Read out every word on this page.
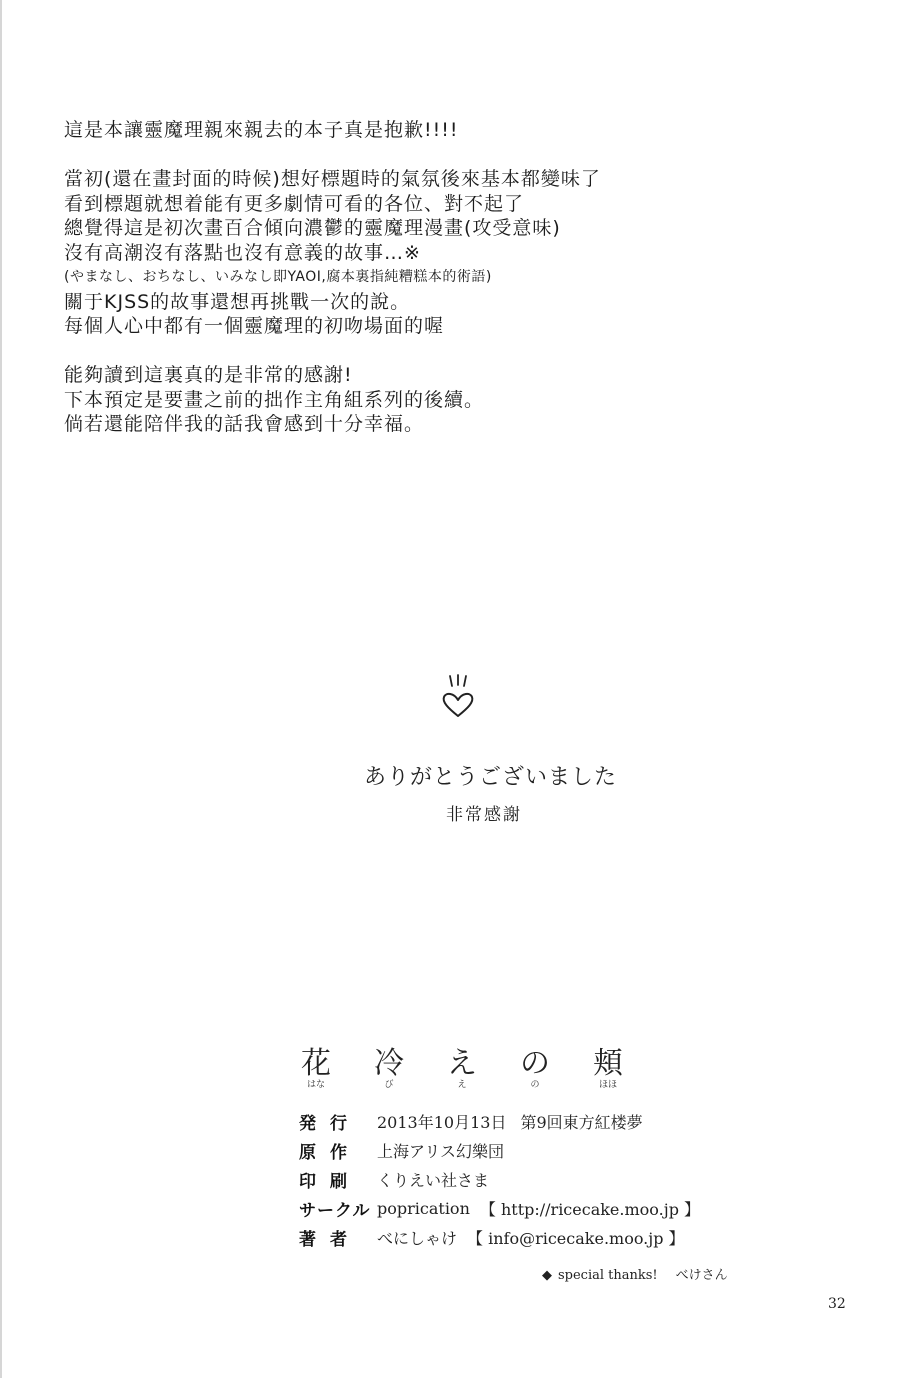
這是本讓靈魔理親來親去的本子真是抱歉!!!!
當初(還在畫封面的時候)想好標題時的氣氛後來基本都變味了
看到標題就想着能有更多劇情可看的各位、對不起了
總覺得這是初次畫百合傾向濃鬱的靈魔理漫畫(攻受意味)
沒有高潮沒有落點也沒有意義的故事…※
(やまなし、おちなし、いみなし即YAOI,腐本裏指純糟糕本的術語)
關于KJSS的故事還想再挑戰一次的說。
每個人心中都有一個靈魔理的初吻場面的喔
能夠讀到這裏真的是非常的感謝!
下本預定是要畫之前的拙作主角組系列的後續。
倘若還能陪伴我的話我會感到十分幸福。
ありがとうございました
非常感謝
花	冷	え	の	頬
はな	び	え	の	ほほ
発行	2013年10月13日 第9回東方紅楼夢
原作	上海アリス幻樂団
印刷	くりえい社さま
サークル poprication 【 http://ricecake.moo.jp 】
著者	べにしゃけ 【 info@ricecake.moo.jp 】
◆ special thanks! べけさん
32
